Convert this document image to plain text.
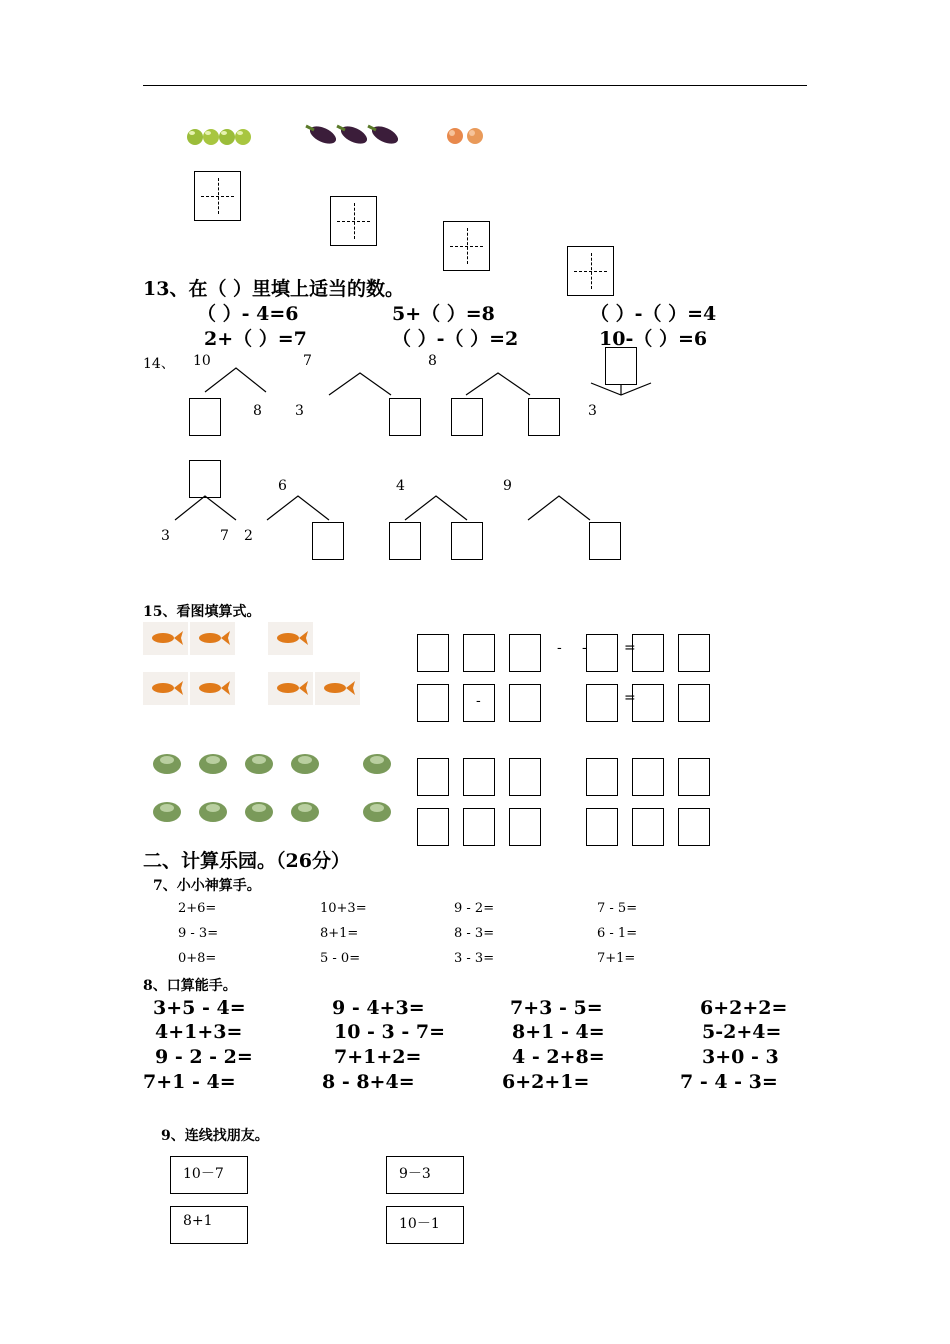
13、在（ ）里填上适当的数。
（ ）- 4=6	5+（ ）=8	（ ）-（ ）=4
2+（ ）=7	（ ）-（ ）=2	10-（ ）=6
14、 10	7	8
8 3	3
6	4	9
3	7 2
15、看图填算式。
- -	=
-	=
二、计算乐园。（26分）
7、小小神算手。
2+6=	10+3=	9 - 2=	7 - 5=
9 - 3=	8+1=	8 - 3=	6 - 1=
0+8=	5 - 0=	3 - 3=	7+1=
8、口算能手。
3+5 - 4=	9 - 4+3=	7+3 - 5=	6+2+2=
4+1+3=	10 - 3 - 7=	8+1 - 4=	5-2+4=
9 - 2 - 2=	7+1+2=	4 - 2+8=	3+0 - 3
7+1 - 4=	8 - 8+4=	6+2+1=	7 - 4 - 3=
9、连线找朋友。
10－7	9－3
8+1	10－1
